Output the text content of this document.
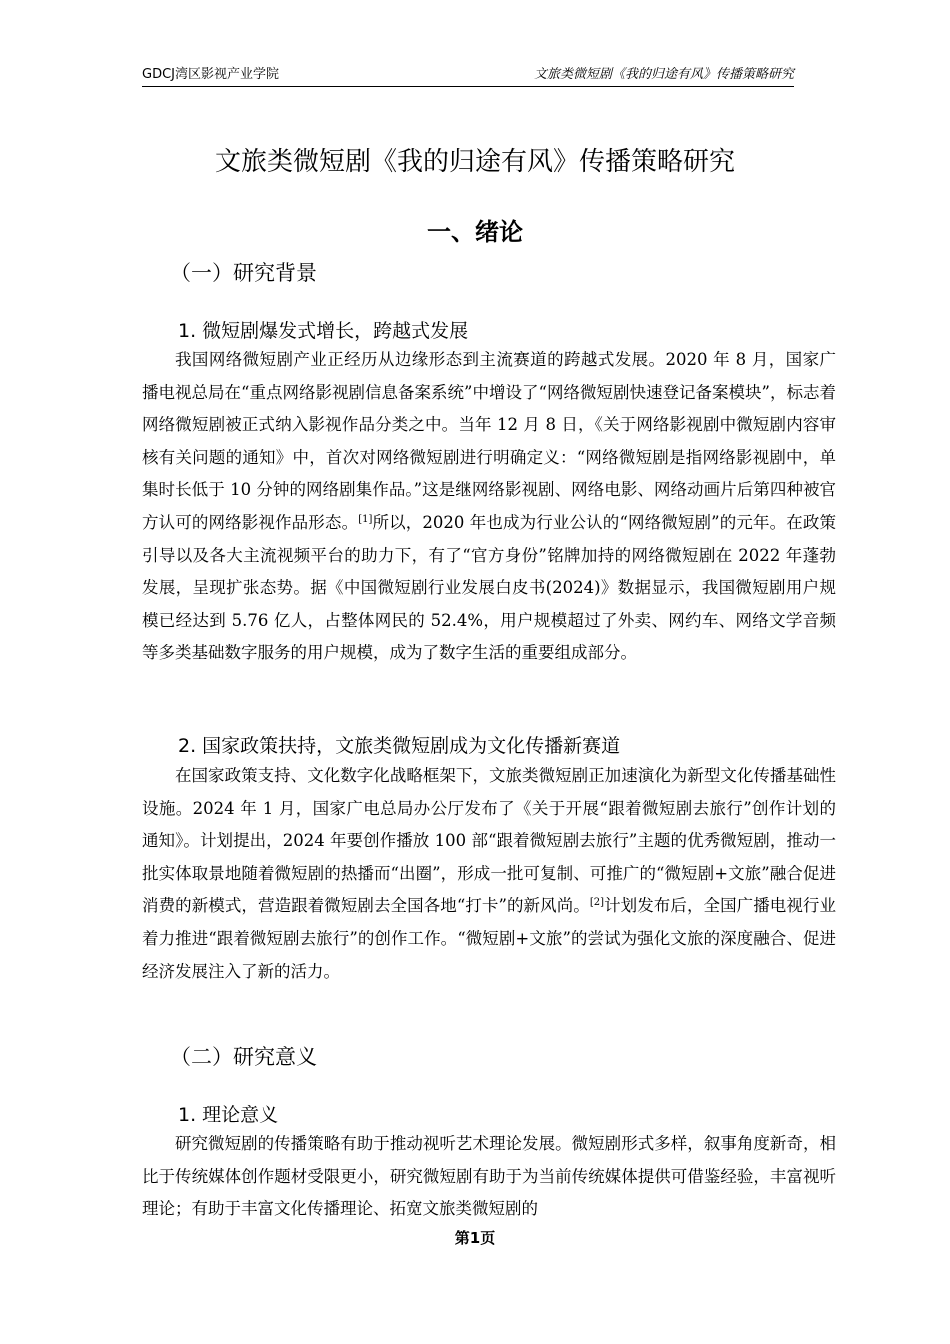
GDCJ湾区影视产业学院	文旅类微短剧《我的归途有风》传播策略研究
文旅类微短剧《我的归途有风》传播策略研究
一、绪论
（一）研究背景
1. 微短剧爆发式增长，跨越式发展

我国网络微短剧产业正经历从边缘形态到主流赛道的跨越式发展。2020 年 8 月，国家广播电视总局在“重点网络影视剧信息备案系统”中增设了“网络微短剧快速登记备案模块”，标志着网络微短剧被正式纳入影视作品分类之中。当年 12 月 8 日，《关于网络影视剧中微短剧内容审核有关问题的通知》中，首次对网络微短剧进行明确定义：“网络微短剧是指网络影视剧中，单集时长低于 10 分钟的网络剧集作品。”这是继网络影视剧、网络电影、网络动画片后第四种被官方认可的网络影视作品形态。[1]所以，2020 年也成为行业公认的“网络微短剧”的元年。在政策引导以及各大主流视频平台的助力下，有了“官方身份”铭牌加持的网络微短剧在 2022 年蓬勃发展，呈现扩张态势。据《中国微短剧行业发展白皮书(2024)》数据显示，我国微短剧用户规模已经达到 5.76 亿人，占整体网民的 52.4%，用户规模超过了外卖、网约车、网络文学音频等多类基础数字服务的用户规模，成为了数字生活的重要组成部分。

2. 国家政策扶持，文旅类微短剧成为文化传播新赛道

在国家政策支持、文化数字化战略框架下，文旅类微短剧正加速演化为新型文化传播基础性设施。2024 年 1 月，国家广电总局办公厅发布了《关于开展“跟着微短剧去旅行”创作计划的通知》。计划提出，2024 年要创作播放 100 部“跟着微短剧去旅行”主题的优秀微短剧，推动一批实体取景地随着微短剧的热播而“出圈”，形成一批可复制、可推广的“微短剧+文旅”融合促进消费的新模式，营造跟着微短剧去全国各地“打卡”的新风尚。[2]计划发布后，全国广播电视行业着力推进“跟着微短剧去旅行”的创作工作。“微短剧+文旅”的尝试为强化文旅的深度融合、促进经济发展注入了新的活力。

（二）研究意义
1. 理论意义

研究微短剧的传播策略有助于推动视听艺术理论发展。微短剧形式多样，叙事角度新奇，相比于传统媒体创作题材受限更小，研究微短剧有助于为当前传统媒体提供可借鉴经验，丰富视听理论；有助于丰富文化传播理论、拓宽文旅类微短剧的

第1页
